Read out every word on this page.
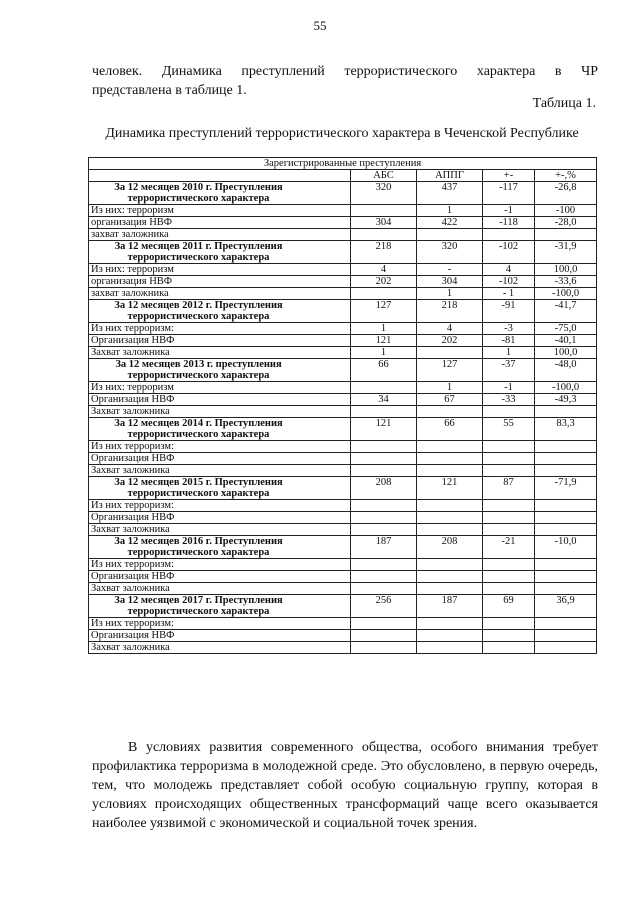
55
человек. Динамика преступлений террористического характера в ЧР
представлена в таблице 1.
Таблица 1.
Динамика преступлений террористического характера в Чеченской Республике
Зарегистрированные преступления				
	АБС	АППГ	+-	+-,%
За 12 месяцев 2010 г. Преступления террористического характера	320	437	-117	-26,8
Из них: терроризм		1	-1	-100
организация НВФ	304	422	-118	-28,0
захват заложника				
За 12 месяцев 2011 г. Преступления террористического характера	218	320	-102	-31,9
Из них: терроризм	4	-	4	100,0
организация НВФ	202	304	-102	-33,6
захват заложника		1	- 1	-100,0
За 12 месяцев 2012 г. Преступления террористического характера	127	218	-91	-41,7
Из них терроризм:	1	4	-3	-75,0
Организация НВФ	121	202	-81	-40,1
Захват заложника	1		1	100,0
За 12 месяцев 2013 г. преступления террористического характера	66	127	-37	-48,0
Из них: терроризм		1	-1	-100,0
Организация НВФ	34	67	-33	-49,3
Захват заложника				
За 12 месяцев 2014 г. Преступления террористического характера	121	66	55	83,3
Из них терроризм:				
Организация НВФ				
Захват заложника				
За 12 месяцев 2015 г. Преступления террористического характера	208	121	87	-71,9
Из них терроризм:				
Организация НВФ				
Захват заложника				
За 12 месяцев 2016 г. Преступления террористического характера	187	208	-21	-10,0
Из них терроризм:				
Организация НВФ				
Захват заложника				
За 12 месяцев 2017 г. Преступления террористического характера	256	187	69	36,9
Из них терроризм:				
Организация НВФ				
Захват заложника				

В условиях развития современного общества, особого внимания требует профилактика терроризма в молодежной среде. Это обусловлено, в первую очередь, тем, что молодежь представляет собой особую социальную группу, которая в условиях происходящих общественных трансформаций чаще всего оказывается наиболее уязвимой с экономической и социальной точек зрения.
